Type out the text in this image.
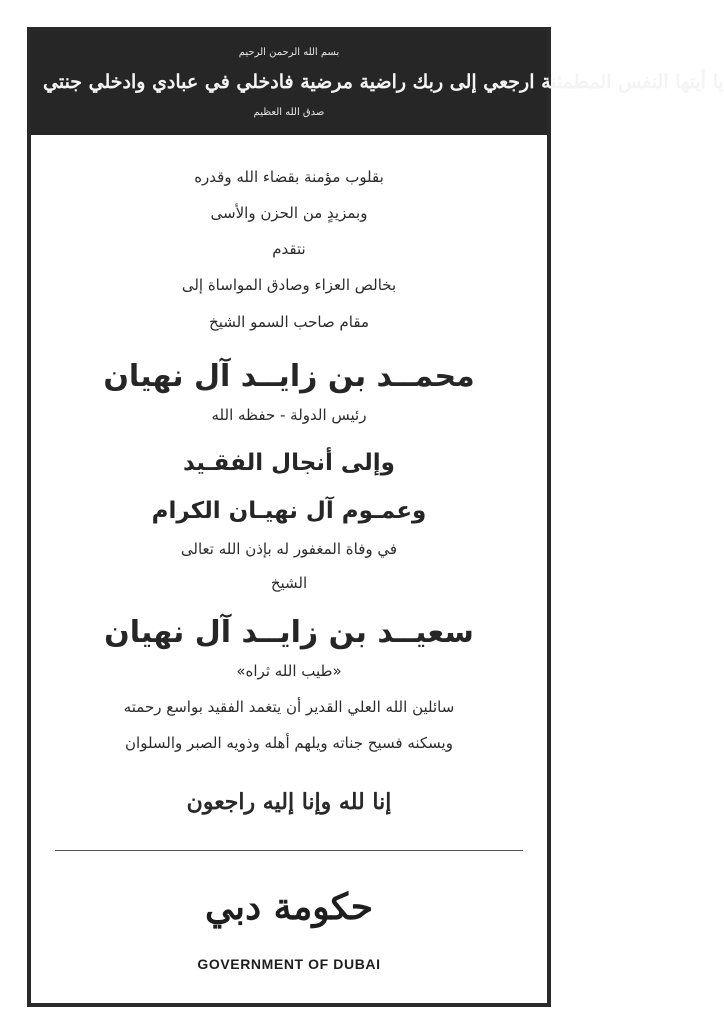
بسم الله الرحمن الرحيم
يا أيتها النفس المطمئنة ارجعي إلى ربك راضية مرضية فادخلي في عبادي وادخلي جنتي
صدق الله العظيم
بقلوب مؤمنة بقضاء الله وقدره
وبمزيدٍ من الحزن والأسى
نتقدم
بخالص العزاء وصادق المواساة إلى
مقام صاحب السمو الشيخ
محمــد بن زايــد آل نهيان
رئيس الدولة - حفظه الله
وإلى أنجال الفقـيد
وعمـوم آل نهيـان الكرام
في وفاة المغفور له بإذن الله تعالى
الشيخ
سعيــد بن زايــد آل نهيان
«طيب الله ثراه»
سائلين الله العلي القدير أن يتغمد الفقيد بواسع رحمته
ويسكنه فسيح جناته ويلهم أهله وذويه الصبر والسلوان
إنا لله وإنا إليه راجعون
حكومة دبي
GOVERNMENT OF DUBAI
